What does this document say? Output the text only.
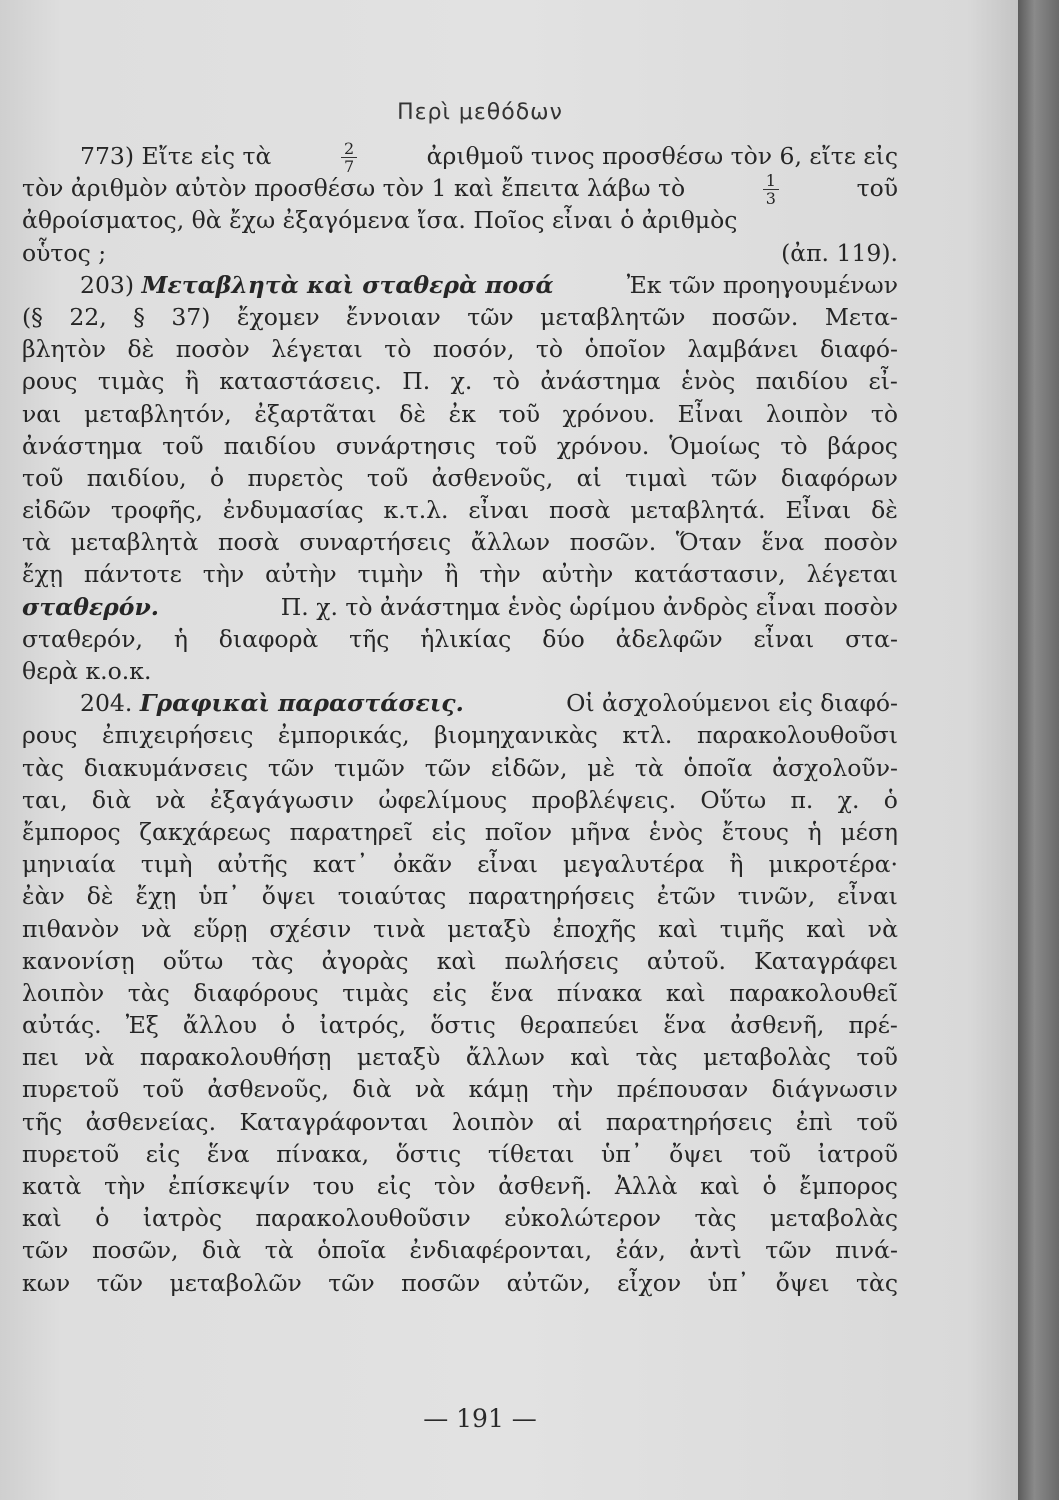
Περὶ μεθόδων
773) Εἴτε εἰς τὰ	$\frac{2}{7}$	ἀριθμοῦ τινος προσθέσω τὸν 6, εἴτε εἰς
τὸν ἀριθμὸν αὐτὸν προσθέσω τὸν 1 καὶ ἔπειτα λάβω τὸ	$\frac{1}{3}$	τοῦ
ἀθροίσματος, θὰ ἔχω ἐξαγόμενα ἴσα. Ποῖος εἶναι ὁ ἀριθμὸς
οὗτος ;	(ἀπ. 119).
203) Μεταβλητὰ καὶ σταθερὰ ποσά	Ἐκ τῶν προηγουμένων
(§ 22, § 37) ἔχομεν ἔννοιαν τῶν μεταβλητῶν ποσῶν. Μετα-
βλητὸν δὲ ποσὸν λέγεται τὸ ποσόν, τὸ ὁποῖον λαμβάνει διαφό-
ρους τιμὰς ἢ καταστάσεις. Π. χ. τὸ ἀνάστημα ἑνὸς παιδίου εἶ-
ναι μεταβλητόν, ἐξαρτᾶται δὲ ἐκ τοῦ χρόνου. Εἶναι λοιπὸν τὸ
ἀνάστημα τοῦ παιδίου συνάρτησις τοῦ χρόνου. Ὁμοίως τὸ βάρος
τοῦ παιδίου, ὁ πυρετὸς τοῦ ἀσθενοῦς, αἱ τιμαὶ τῶν διαφόρων
εἰδῶν τροφῆς, ἐνδυμασίας κ.τ.λ. εἶναι ποσὰ μεταβλητά. Εἶναι δὲ
τὰ μεταβλητὰ ποσὰ συναρτήσεις ἄλλων ποσῶν. Ὅταν ἕνα ποσὸν
ἔχῃ πάντοτε τὴν αὐτὴν τιμὴν ἢ τὴν αὐτὴν κατάστασιν, λέγεται
σταθερόν.	Π. χ. τὸ ἀνάστημα ἑνὸς ὡρίμου ἀνδρὸς εἶναι ποσὸν
σταθερόν, ἡ διαφορὰ τῆς ἡλικίας δύο ἀδελφῶν εἶναι στα-
θερὰ κ.ο.κ.
204. Γραφικαὶ παραστάσεις.	Οἱ ἀσχολούμενοι εἰς διαφό-
ρους ἐπιχειρήσεις ἐμπορικάς, βιομηχανικὰς κτλ. παρακολουθοῦσι
τὰς διακυμάνσεις τῶν τιμῶν τῶν εἰδῶν, μὲ τὰ ὁποῖα ἀσχολοῦν-
ται, διὰ νὰ ἐξαγάγωσιν ὠφελίμους προβλέψεις. Οὕτω π. χ. ὁ
ἔμπορος ζακχάρεως παρατηρεῖ εἰς ποῖον μῆνα ἑνὸς ἔτους ἡ μέση
μηνιαία τιμὴ αὐτῆς κατ᾿ ὀκᾶν εἶναι μεγαλυτέρα ἢ μικροτέρα·
ἐὰν δὲ ἔχῃ ὑπ᾿ ὄψει τοιαύτας παρατηρήσεις ἐτῶν τινῶν, εἶναι
πιθανὸν νὰ εὕρῃ σχέσιν τινὰ μεταξὺ ἐποχῆς καὶ τιμῆς καὶ νὰ
κανονίσῃ οὕτω τὰς ἀγορὰς καὶ πωλήσεις αὐτοῦ. Καταγράφει
λοιπὸν τὰς διαφόρους τιμὰς εἰς ἕνα πίνακα καὶ παρακολουθεῖ
αὐτάς. Ἐξ ἄλλου ὁ ἰατρός, ὅστις θεραπεύει ἕνα ἀσθενῆ, πρέ-
πει νὰ παρακολουθήσῃ μεταξὺ ἄλλων καὶ τὰς μεταβολὰς τοῦ
πυρετοῦ τοῦ ἀσθενοῦς, διὰ νὰ κάμῃ τὴν πρέπουσαν διάγνωσιν
τῆς ἀσθενείας. Καταγράφονται λοιπὸν αἱ παρατηρήσεις ἐπὶ τοῦ
πυρετοῦ εἰς ἕνα πίνακα, ὅστις τίθεται ὑπ᾿ ὄψει τοῦ ἰατροῦ
κατὰ τὴν ἐπίσκεψίν του εἰς τὸν ἀσθενῆ. Ἀλλὰ καὶ ὁ ἔμπορος
καὶ ὁ ἰατρὸς παρακολουθοῦσιν εὐκολώτερον τὰς μεταβολὰς
τῶν ποσῶν, διὰ τὰ ὁποῖα ἐνδιαφέρονται, ἐάν, ἀντὶ τῶν πινά-
κων τῶν μεταβολῶν τῶν ποσῶν αὐτῶν, εἶχον ὑπ᾿ ὄψει τὰς
— 191 —
